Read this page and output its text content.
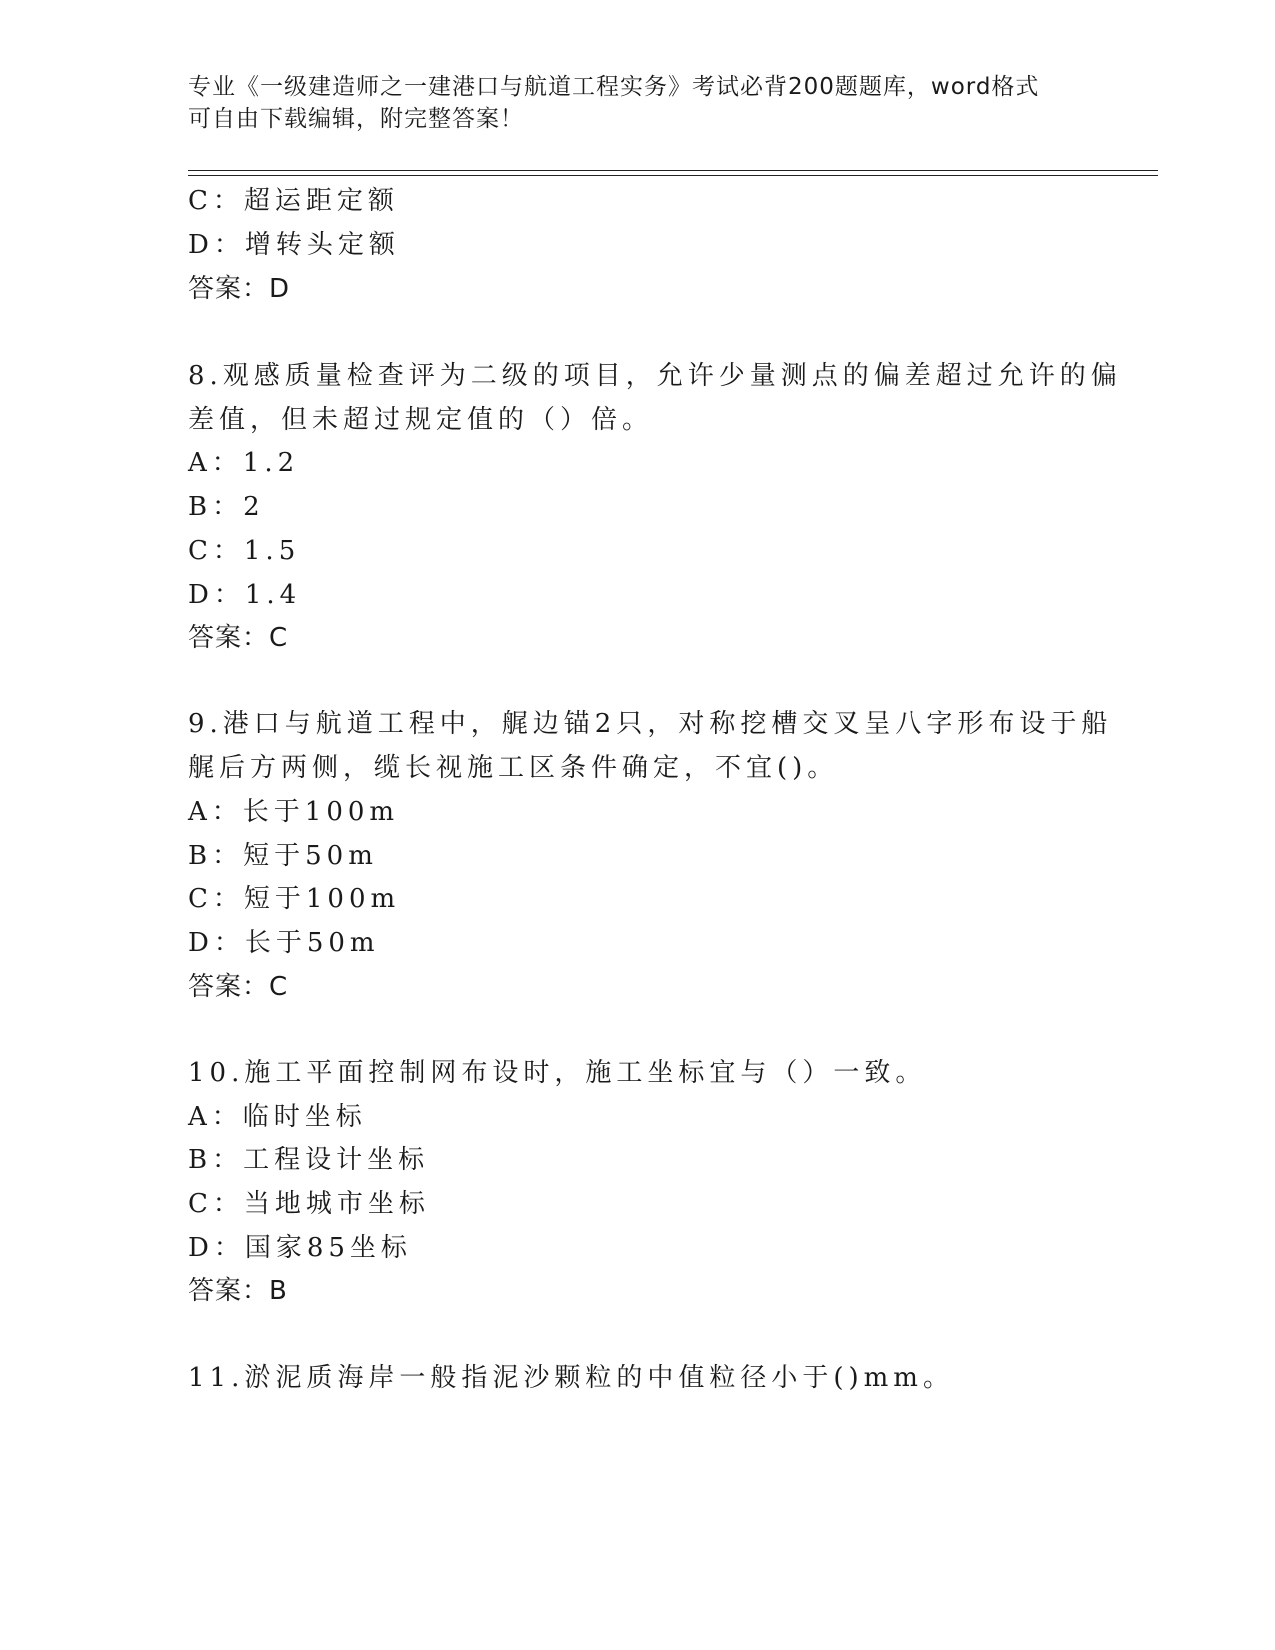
专业《一级建造师之一建港口与航道工程实务》考试必背200题题库，word格式
可自由下载编辑，附完整答案！
C：超运距定额
D：增转头定额
答案：D
8.观感质量检查评为二级的项目，允许少量测点的偏差超过允许的偏
差值，但未超过规定值的（）倍。
A：1.2
B：2
C：1.5
D：1.4
答案：C
9.港口与航道工程中，艉边锚2只，对称挖槽交叉呈八字形布设于船
艉后方两侧，缆长视施工区条件确定，不宜()。
A：长于100m
B：短于50m
C：短于100m
D：长于50m
答案：C
10.施工平面控制网布设时，施工坐标宜与（）一致。
A：临时坐标
B：工程设计坐标
C：当地城市坐标
D：国家85坐标
答案：B
11.淤泥质海岸一般指泥沙颗粒的中值粒径小于()mm。
